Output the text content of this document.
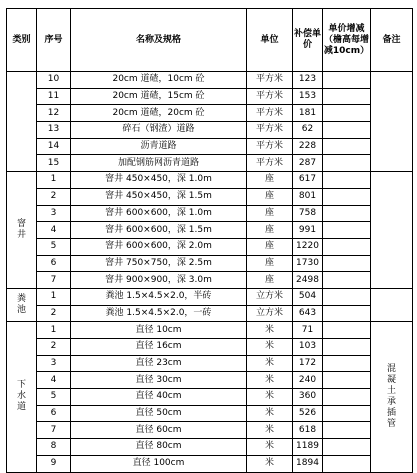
类别	序号	名称及规格	单位	补偿单价	单价增减（檐高每增减10cm）	备注
	10	20cm 道碴，10cm 砼	平方米	123		
	11	20cm 道碴，15cm 砼	平方米	153		
	12	20cm 道碴，20cm 砼	平方米	181		
	13	碎石（钢渣）道路	平方米	62		
	14	沥青道路	平方米	228		
	15	加配钢筋网沥青道路	平方米	287		
窨井	1	窨井 450×450，深 1.0m	座	617		
	2	窨井 450×450，深 1.5m	座	801		
	3	窨井 600×600，深 1.0m	座	758		
	4	窨井 600×600，深 1.5m	座	991		
	5	窨井 600×600，深 2.0m	座	1220		
	6	窨井 750×750，深 2.5m	座	1730		
	7	窨井 900×900，深 3.0m	座	2498		
粪池	1	粪池 1.5×4.5×2.0，半砖	立方米	504		
	2	粪池 1.5×4.5×2.0，一砖	立方米	643		
下水道	1	直径 10cm	米	71		混凝土承插管
	2	直径 16cm	米	103		
	3	直径 23cm	米	172		
	4	直径 30cm	米	240		
	5	直径 40cm	米	360		
	6	直径 50cm	米	526		
	7	直径 60cm	米	618		
	8	直径 80cm	米	1189		
	9	直径 100cm	米	1894		
